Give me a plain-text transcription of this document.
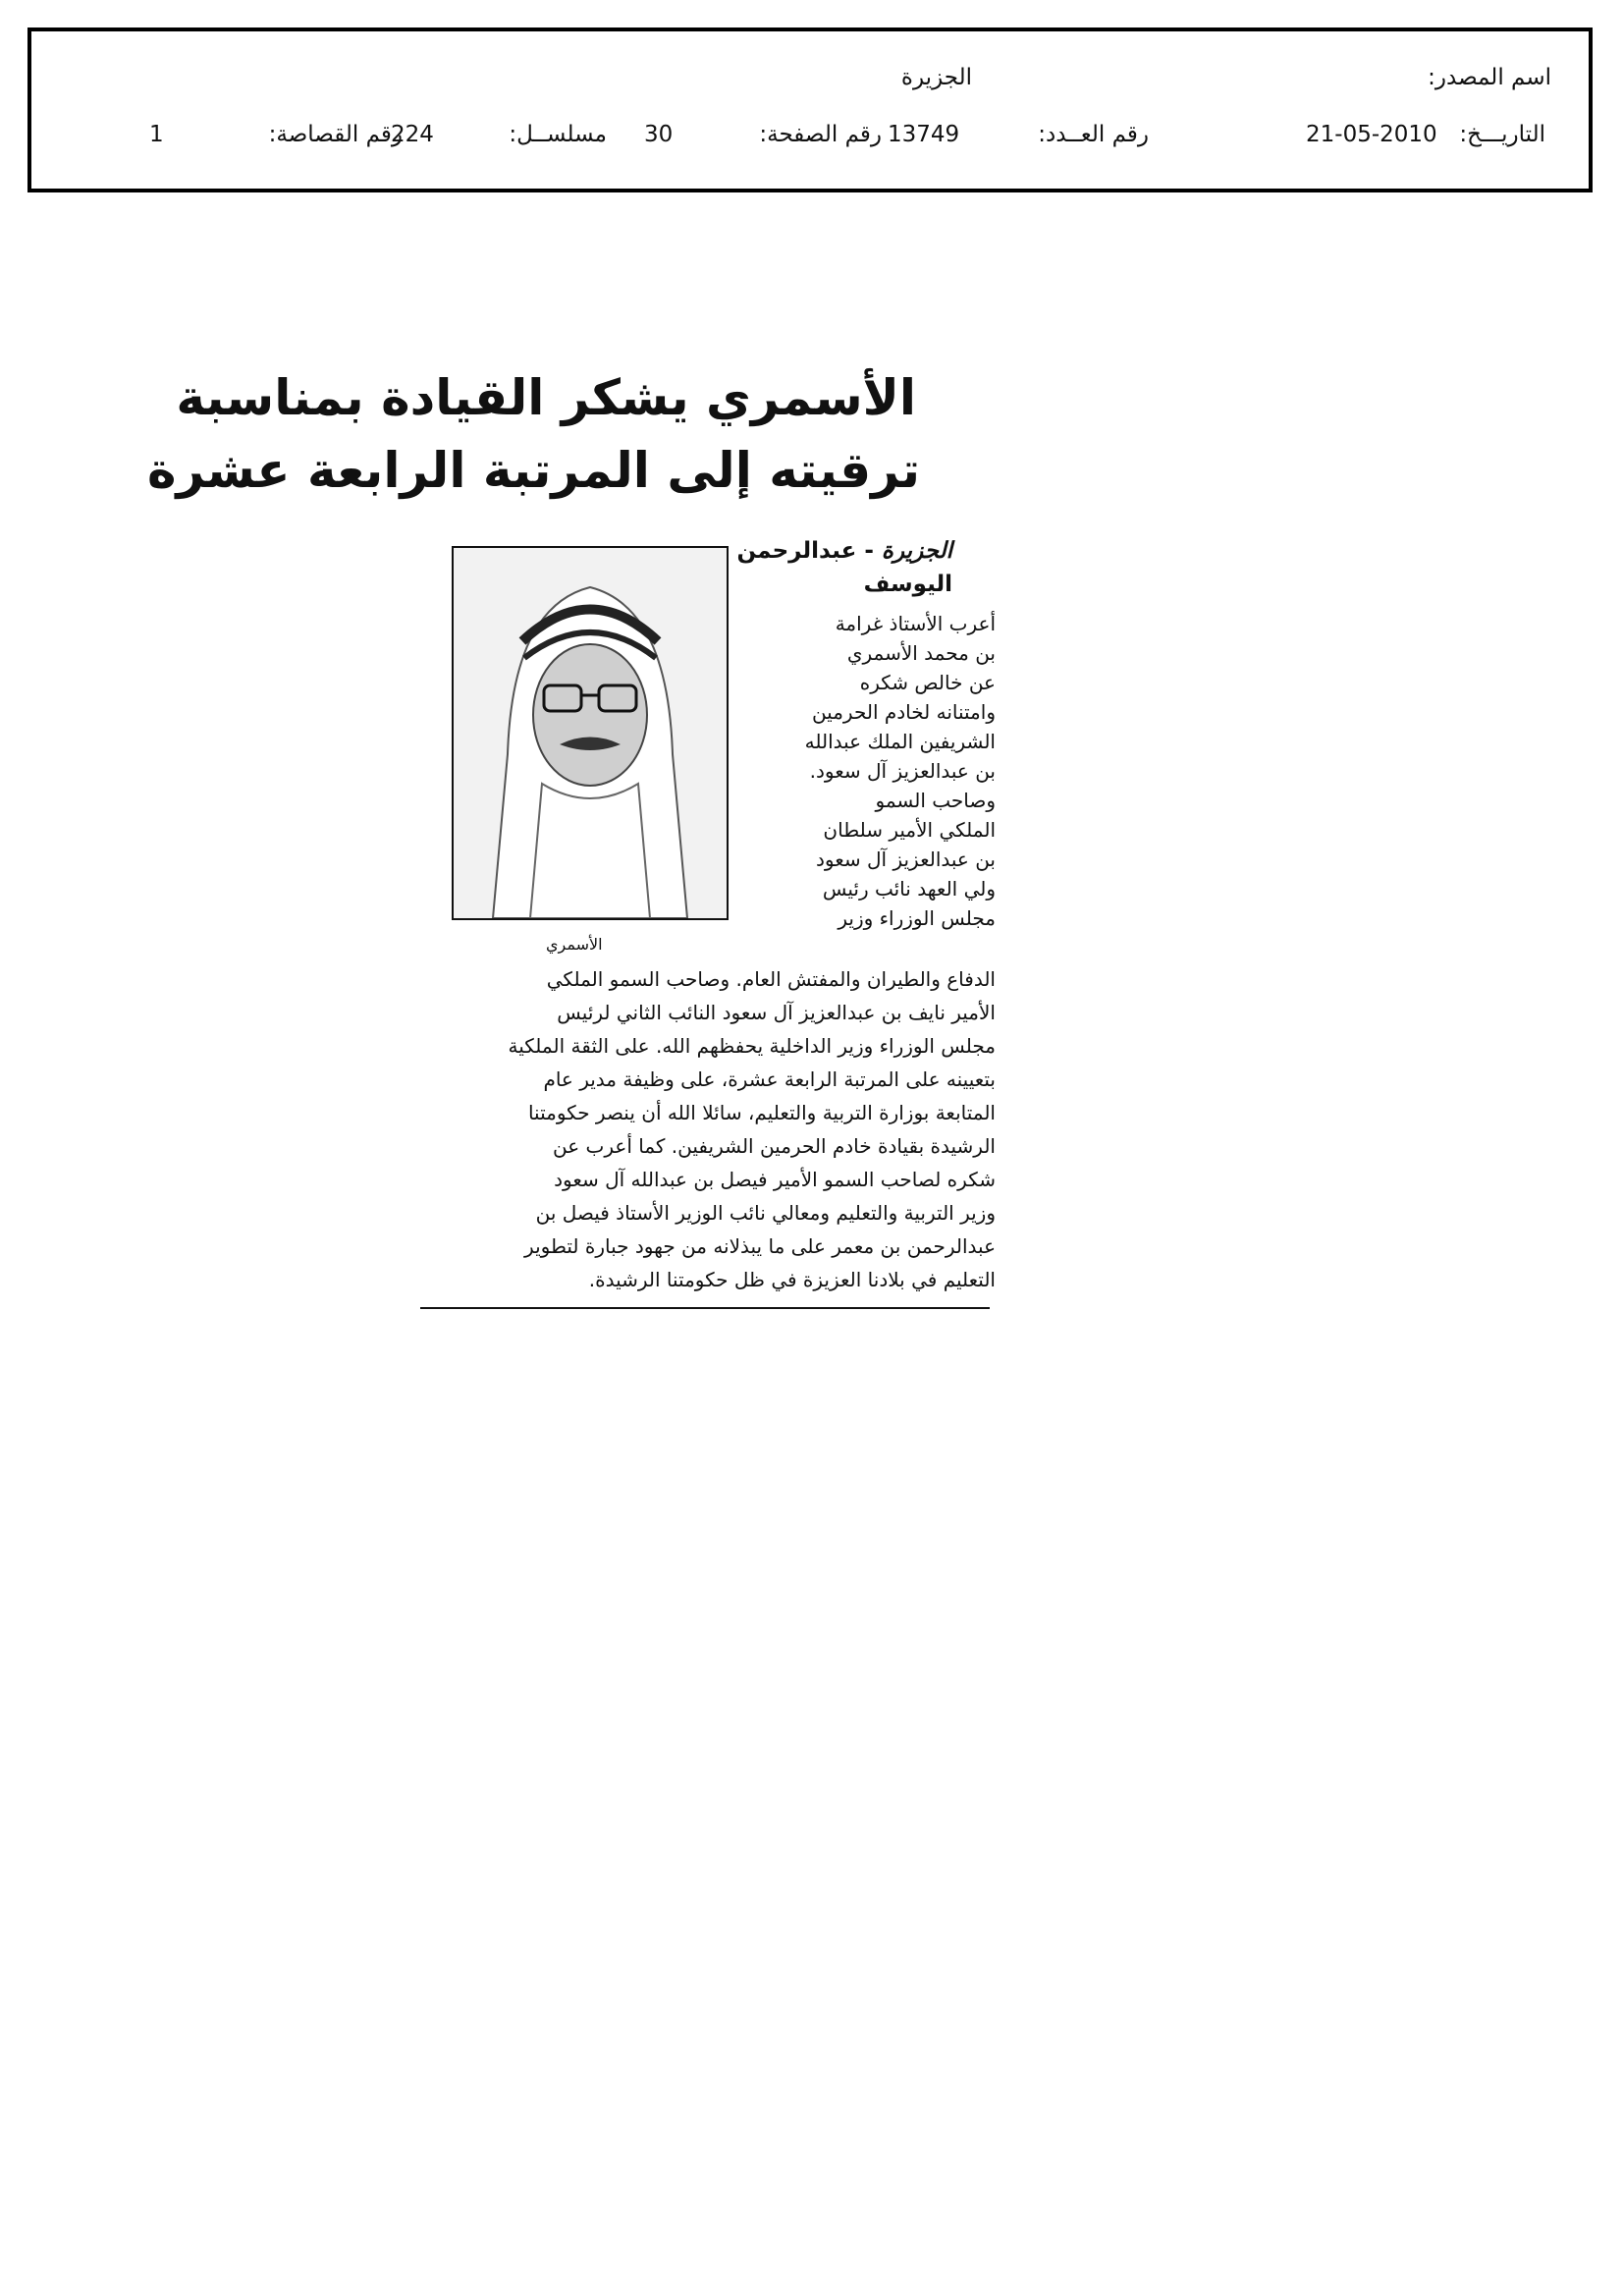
اسم المصدر:
الجزيرة
التاريـــخ:
21-05-2010
رقم العــدد:
13749
رقم الصفحة:
30
مسلســل:
224
رقم القصاصة:
1
الأسمري يشكر القيادة بمناسبة
ترقيته إلى المرتبة الرابعة عشرة
الجزيرة - عبدالرحمن
اليوسف
الأسمري
أعرب الأستاذ غرامة
بن محمد الأسمري
عن خالص شكره
وامتنانه لخادم الحرمين
الشريفين الملك عبدالله
بن عبدالعزيز آل سعود.
وصاحب السمو
الملكي الأمير سلطان
بن عبدالعزيز آل سعود
ولي العهد نائب رئيس
مجلس الوزراء وزير
الدفاع والطيران والمفتش العام. وصاحب السمو الملكي
الأمير نايف بن عبدالعزيز آل سعود النائب الثاني لرئيس
مجلس الوزراء وزير الداخلية يحفظهم الله. على الثقة الملكية
بتعيينه على المرتبة الرابعة عشرة، على وظيفة مدير عام
المتابعة بوزارة التربية والتعليم، سائلا الله أن ينصر حكومتنا
الرشيدة بقيادة خادم الحرمين الشريفين. كما أعرب عن
شكره لصاحب السمو الأمير فيصل بن عبدالله آل سعود
وزير التربية والتعليم ومعالي نائب الوزير الأستاذ فيصل بن
عبدالرحمن بن معمر على ما يبذلانه من جهود جبارة لتطوير
التعليم في بلادنا العزيزة في ظل حكومتنا الرشيدة.
